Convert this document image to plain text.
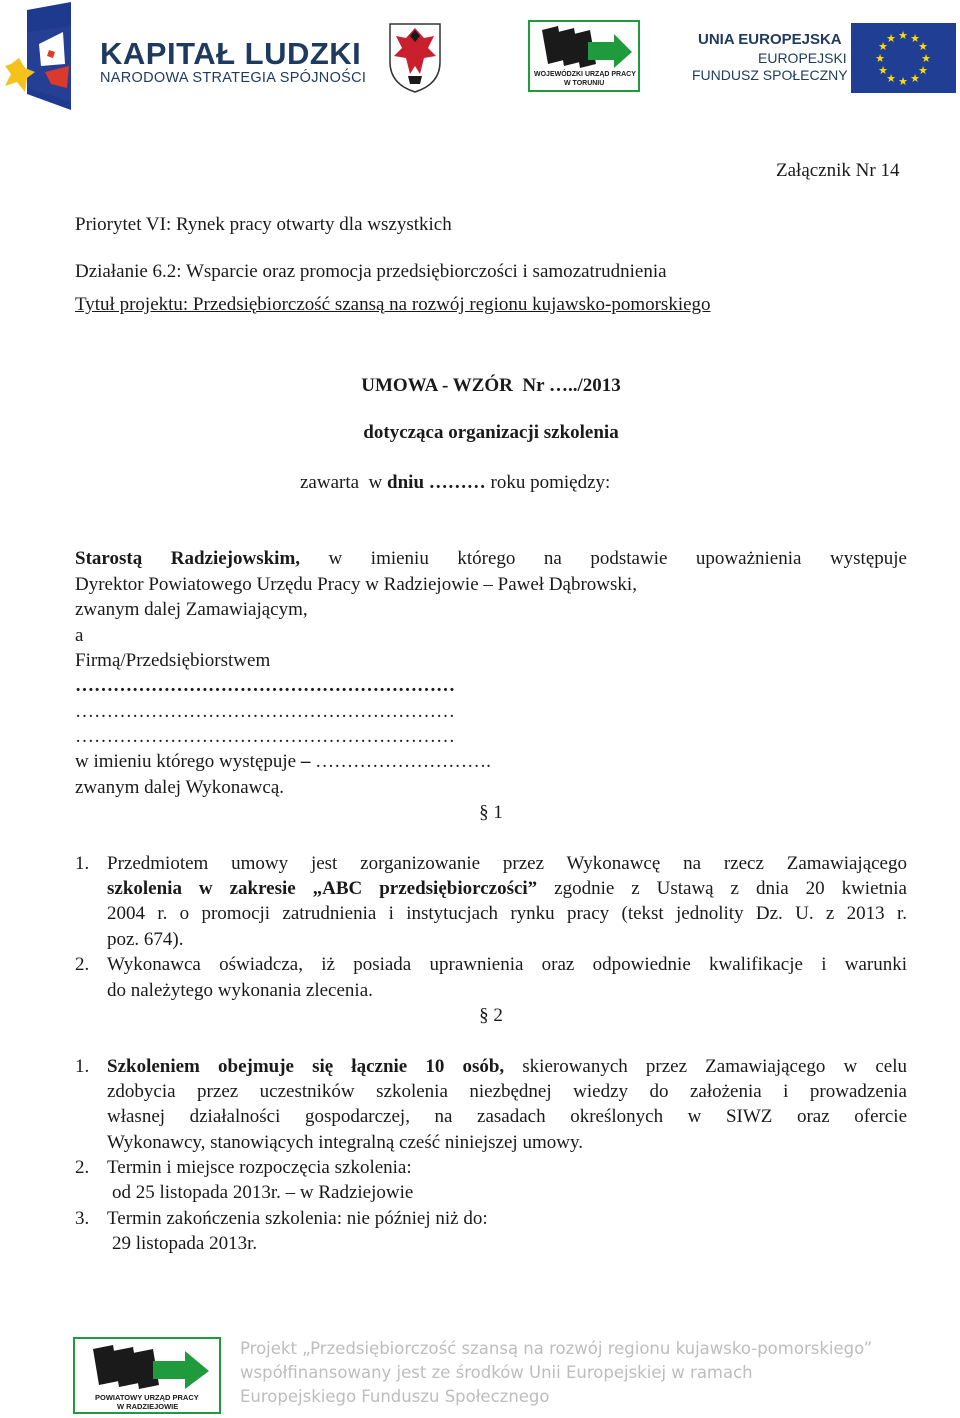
KAPITAŁ LUDZKI
NARODOWA STRATEGIA SPÓJNOŚCI	WOJEWÓDZKI URZĄD PRACY
W TORUNIU
UNIA EUROPEJSKA
EUROPEJSKI
FUNDUSZ SPOŁECZNY
★ ★
★
★
★
★
★
★
★
★
★
★
Załącznik Nr 14
Priorytet VI: Rynek pracy otwarty dla wszystkich
Działanie 6.2: Wsparcie oraz promocja przedsiębiorczości i samozatrudnienia
Tytuł projektu: Przedsiębiorczość szansą na rozwój regionu kujawsko-pomorskiego
UMOWA - WZÓR  Nr …../2013
dotycząca organizacji szkolenia
zawarta  w dniu ……… roku pomiędzy:
Starostą Radziejowskim, w imieniu którego na podstawie upoważnienia występuje
Dyrektor Powiatowego Urzędu Pracy w Radziejowie – Paweł Dąbrowski,
zwanym dalej Zamawiającym,
a
Firmą/Przedsiębiorstwem
……………………………………………………
……………………………………………………
……………………………………………………
w imieniu którego występuje – ……………………….
zwanym dalej Wykonawcą.
§ 1
1. Przedmiotem umowy jest zorganizowanie przez Wykonawcę na rzecz Zamawiającego
szkolenia w zakresie „ABC przedsiębiorczości” zgodnie z Ustawą z dnia 20 kwietnia
2004 r. o promocji zatrudnienia i instytucjach rynku pracy (tekst jednolity Dz. U. z 2013 r.
poz. 674).
2. Wykonawca oświadcza, iż posiada uprawnienia oraz odpowiednie kwalifikacje i warunki
do należytego wykonania zlecenia.
§ 2
1. Szkoleniem obejmuje się łącznie 10 osób, skierowanych przez Zamawiającego w celu
zdobycia przez uczestników szkolenia niezbędnej wiedzy do założenia i prowadzenia
własnej działalności gospodarczej, na zasadach określonych w SIWZ oraz ofercie
Wykonawcy, stanowiących integralną cześć niniejszej umowy.
2. Termin i miejsce rozpoczęcia szkolenia:
od 25 listopada 2013r. – w Radziejowie
3. Termin zakończenia szkolenia: nie później niż do:
29 listopada 2013r.
POWIATOWY URZĄD PRACY
W RADZIEJOWIE
Projekt „Przedsiębiorczość szansą na rozwój regionu kujawsko-pomorskiego”
współfinansowany jest ze środków Unii Europejskiej w ramach
Europejskiego Funduszu Społecznego
